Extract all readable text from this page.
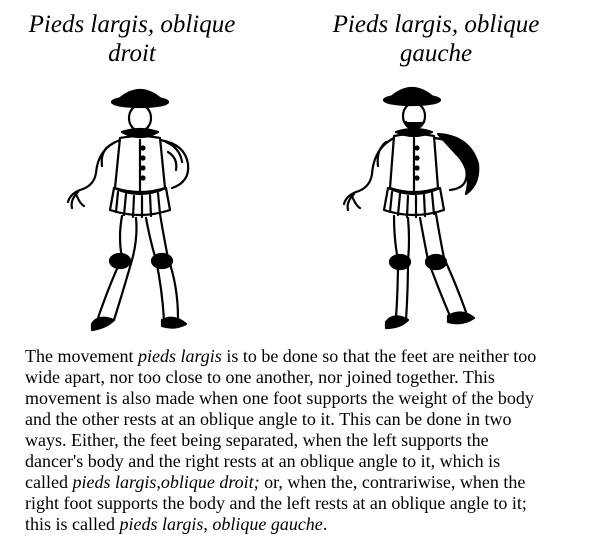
Pieds largis, oblique
droit
Pieds largis, oblique
gauche

The movement pieds largis is to be done so that the feet are neither too
wide apart, nor too close to one another, nor joined together. This
movement is also made when one foot supports the weight of the body
and the other rests at an oblique angle to it. This can be done in two
ways. Either, the feet being separated, when the left supports the
dancer's body and the right rests at an oblique angle to it, which is
called pieds largis,oblique droit; or, when the, contrariwise, when the
right foot supports the body and the left rests at an oblique angle to it;
this is called pieds largis, oblique gauche.
